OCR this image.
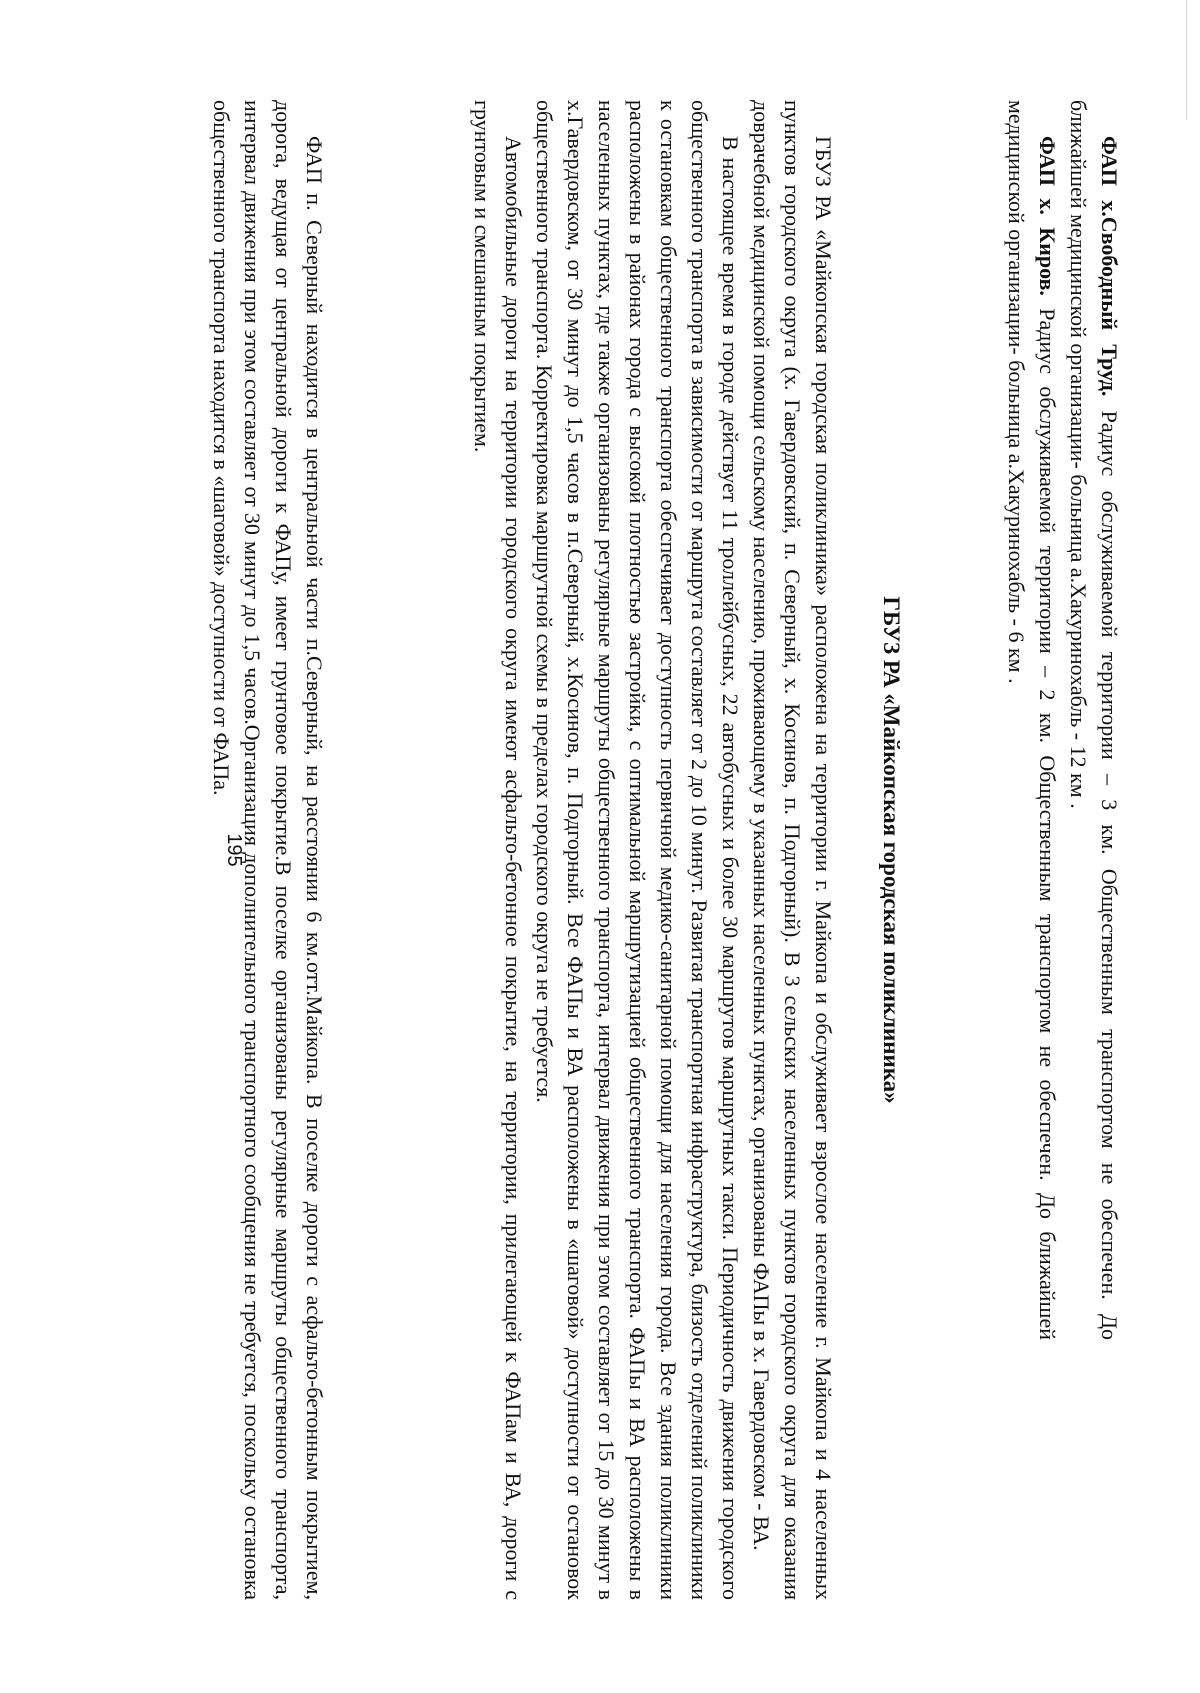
ФАП х.Свободный Труд. Радиус обслуживаемой территории – 3 км. Общественным транспортом не обеспечен. До ближайшей медицинской организации- больница а.Хакуринохабль - 12 км .

ФАП х. Киров. Радиус обслуживаемой территории – 2 км. Общественным транспортом не обеспечен. До ближайшей медицинской организации- больница а.Хакуринохабль - 6 км .

ГБУЗ РА «Майкопская городская поликлиника»

ГБУЗ РА «Майкопская городская поликлиника» расположена на территории г. Майкопа и обслуживает взрослое население г. Майкопа и 4 населенных пунктов городского округа (х. Гавердовский, п. Северный, х. Косинов, п. Подгорный). В 3 сельских населенных пунктов городского округа для оказания доврачебной медицинской помощи сельскому населению, проживающему в указанных населенных пунктах, организованы ФАПы в х. Гавердовском - ВА.

В настоящее время в городе действует 11 троллейбусных, 22 автобусных и более 30 маршрутов маршрутных такси. Периодичность движения городского общественного транспорта в зависимости от маршрута составляет от 2 до 10 минут. Развитая транспортная инфраструктура, близость отделений поликлиники к остановкам общественного транспорта обеспечивает доступность первичной медико-санитарной помощи для населения города. Все здания поликлиники расположены в районах города с высокой плотностью застройки, с оптимальной маршрутизацией общественного транспорта. ФАПы и ВА расположены в населенных пунктах, где также организованы регулярные маршруты общественного транспорта, интервал движения при этом составляет от 15 до 30 минут в х.Гавердовском, от 30 минут до 1,5 часов в п.Северный, х.Косинов, п. Подгорный. Все ФАПы и ВА расположены в «шаговой» доступности от остановок общественного транспорта. Корректировка маршрутной схемы в пределах городского округа не требуется.

Автомобильные дороги на территории городского округа имеют асфальто-бетонное покрытие, на территории, прилегающей к ФАПам и ВА, дороги с грунтовым и смешанным покрытием.

ФАП п. Северный находится в центральной части п.Северный, на расстоянии 6 км.отт.Майкопа. В поселке дороги с асфальто-бетонным покрытием, дорога, ведущая от центральной дороги к ФАПу, имеет грунтовое покрытие.В поселке организованы регулярные маршруты общественного транспорта, интервал движения при этом составляет от 30 минут до 1,5 часов.Организация дополнительного транспортного сообщения не требуется, поскольку остановка общественного транспорта находится в «шаговой» доступности от ФАПа.

195
